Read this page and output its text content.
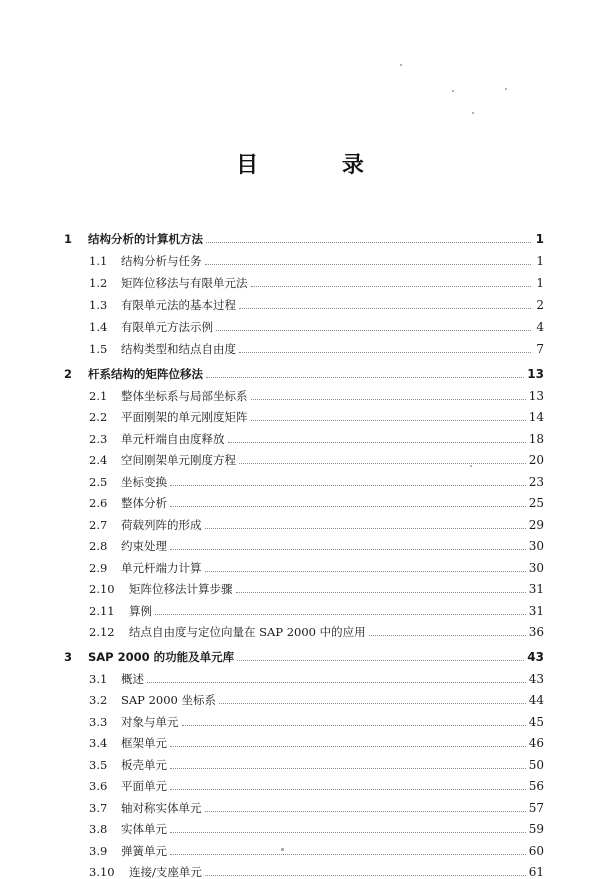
目 录
1	结构分析的计算机方法	1
1.1	结构分析与任务	1
1.2	矩阵位移法与有限单元法	1
1.3	有限单元法的基本过程	2
1.4	有限单元方法示例	4
1.5	结构类型和结点自由度	7
2	杆系结构的矩阵位移法	13
2.1	整体坐标系与局部坐标系	13
2.2	平面刚架的单元刚度矩阵	14
2.3	单元杆端自由度释放	18
2.4	空间刚架单元刚度方程	20
2.5	坐标变换	23
2.6	整体分析	25
2.7	荷载列阵的形成	29
2.8	约束处理	30
2.9	单元杆端力计算	30
2.10	矩阵位移法计算步骤	31
2.11	算例	31
2.12	结点自由度与定位向量在 SAP 2000 中的应用	36
3	SAP 2000 的功能及单元库	43
3.1	概述	43
3.2	SAP 2000 坐标系	44
3.3	对象与单元	45
3.4	框架单元	46
3.5	板壳单元	50
3.6	平面单元	56
3.7	轴对称实体单元	57
3.8	实体单元	59
3.9	弹簧单元	60
3.10	连接/支座单元	61
